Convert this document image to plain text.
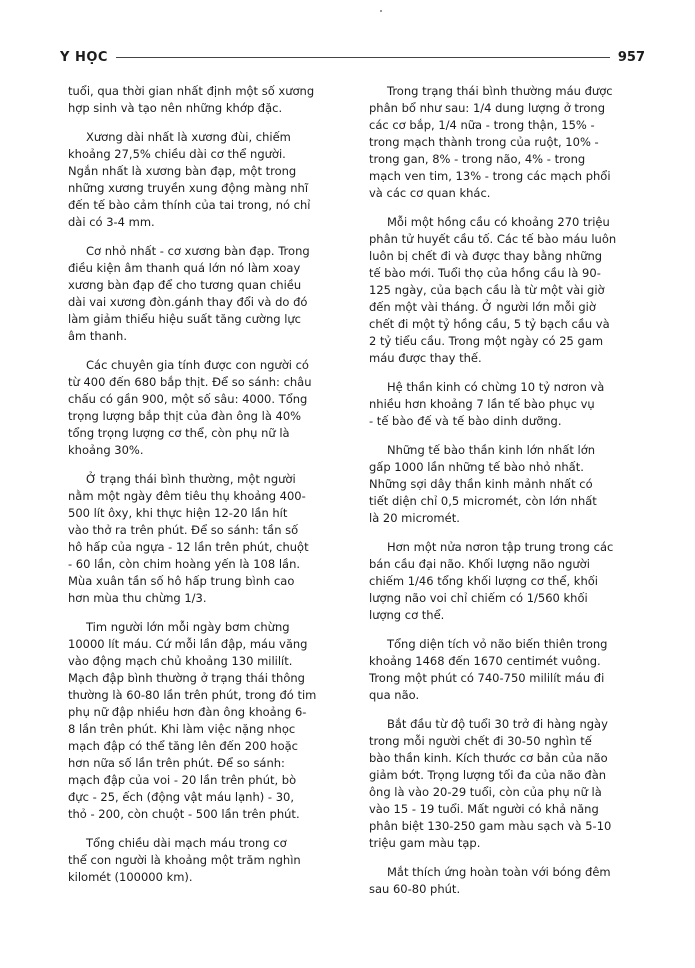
Y HỌC	957

tuổi, qua thời gian nhất định một số xương
hợp sinh và tạo nên những khớp đặc.

Xương dài nhất là xương đùi, chiếm
khoảng 27,5% chiều dài cơ thể người.
Ngắn nhất là xương bàn đạp, một trong
những xương truyền xung động màng nhĩ
đến tế bào cảm thính của tai trong, nó chỉ
dài có 3-4 mm.

Cơ nhỏ nhất - cơ xương bàn đạp. Trong
điều kiện âm thanh quá lớn nó làm xoay
xương bàn đạp để cho tương quan chiều
dài vai xương đòn.gánh thay đổi và do đó
làm giảm thiểu hiệu suất tăng cường lực
âm thanh.

Các chuyên gia tính được con người có
từ 400 đến 680 bắp thịt. Để so sánh: châu
chấu có gần 900, một số sâu: 4000. Tổng
trọng lượng bắp thịt của đàn ông là 40%
tổng trọng lượng cơ thể, còn phụ nữ là
khoảng 30%.

Ở trạng thái bình thường, một người
nằm một ngày đêm tiêu thụ khoảng 400-
500 lít ôxy, khi thực hiện 12-20 lần hít
vào thở ra trên phút. Để so sánh: tần số
hô hấp của ngựa - 12 lần trên phút, chuột
- 60 lần, còn chim hoàng yến là 108 lần.
Mùa xuân tần số hô hấp trung bình cao
hơn mùa thu chừng 1/3.

Tim người lớn mỗi ngày bơm chừng
10000 lít máu. Cứ mỗi lần đập, máu văng
vào động mạch chủ khoảng 130 mililít.
Mạch đập bình thường ở trạng thái thông
thường là 60-80 lần trên phút, trong đó tim
phụ nữ đập nhiều hơn đàn ông khoảng 6-
8 lần trên phút. Khi làm việc nặng nhọc
mạch đập có thể tăng lên đến 200 hoặc
hơn nữa số lần trên phút. Để so sánh:
mạch đập của voi - 20 lần trên phút, bò
đực - 25, ếch (động vật máu lạnh) - 30,
thỏ - 200, còn chuột - 500 lần trên phút.

Tổng chiều dài mạch máu trong cơ
thể con người là khoảng một trăm nghìn
kilomét (100000 km).

Trong trạng thái bình thường máu được
phân bổ như sau: 1/4 dung lượng ở trong
các cơ bắp, 1/4 nữa - trong thận, 15% -
trong mạch thành trong của ruột, 10% -
trong gan, 8% - trong não, 4% - trong
mạch ven tim, 13% - trong các mạch phổi
và các cơ quan khác.

Mỗi một hồng cầu có khoảng 270 triệu
phân tử huyết cầu tố. Các tế bào máu luôn
luôn bị chết đi và được thay bằng những
tế bào mới. Tuổi thọ của hồng cầu là 90-
125 ngày, của bạch cầu là từ một vài giờ
đến một vài tháng. Ở người lớn mỗi giờ
chết đi một tỷ hồng cầu, 5 tỷ bạch cầu và
2 tỷ tiểu cầu. Trong một ngày có 25 gam
máu được thay thế.

Hệ thần kinh có chừng 10 tỷ nơron và
nhiều hơn khoảng 7 lần tế bào phục vụ
- tế bào đế và tế bào dinh dưỡng.

Những tế bào thần kinh lớn nhất lớn
gấp 1000 lần những tế bào nhỏ nhất.
Những sợi dây thần kinh mảnh nhất có
tiết diện chỉ 0,5 micromét, còn lớn nhất
là 20 micromét.

Hơn một nửa nơron tập trung trong các
bán cầu đại não. Khối lượng não người
chiếm 1/46 tổng khối lượng cơ thể, khối
lượng não voi chỉ chiếm có 1/560 khối
lượng cơ thể.

Tổng diện tích vỏ não biến thiên trong
khoảng 1468 đến 1670 centimét vuông.
Trong một phút có 740-750 mililít máu đi
qua não.

Bắt đầu từ độ tuổi 30 trở đi hàng ngày
trong mỗi người chết đi 30-50 nghìn tế
bào thần kinh. Kích thước cơ bản của não
giảm bớt. Trọng lượng tối đa của não đàn
ông là vào 20-29 tuổi, còn của phụ nữ là
vào 15 - 19 tuổi. Mất người có khả năng
phân biệt 130-250 gam màu sạch và 5-10
triệu gam màu tạp.

Mắt thích ứng hoàn toàn với bóng đêm
sau 60-80 phút.
